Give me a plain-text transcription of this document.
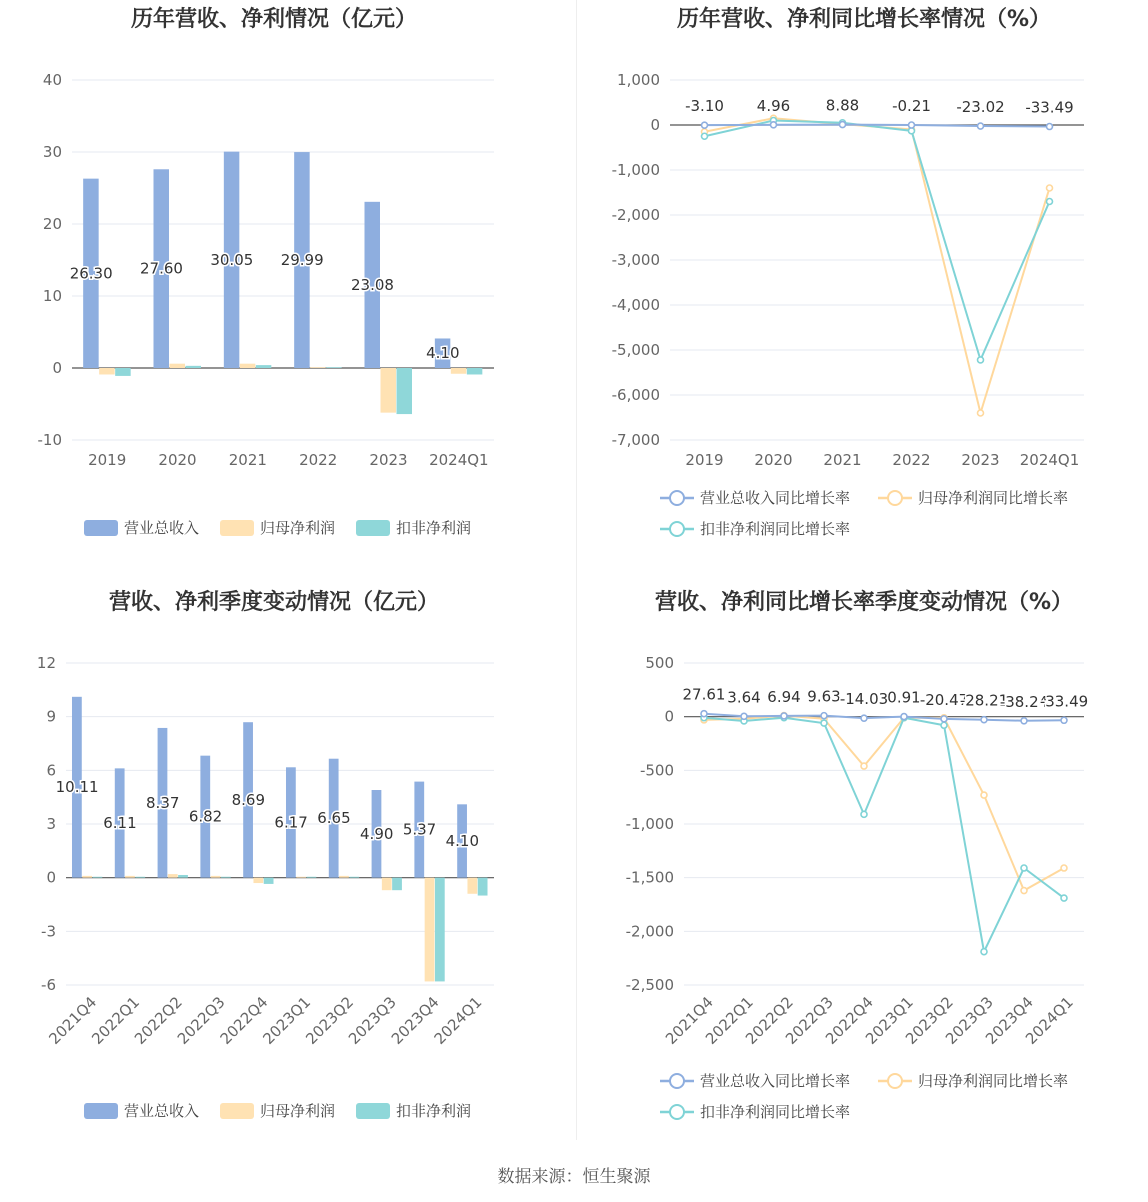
历年营收、净利情况（亿元）
40
30
20
10
0
-10
2019 2020 2021 2022 2023 2024Q1
26.30 27.60 30.05 29.99
23.08
4.10
营业总收入	归母净利润	扣非净利润
历年营收、净利同比增长率情况（%）
1,000
0
-1,000
-2,000
-3,000
-4,000
-5,000
-6,000
-7,000
2019 2020 2021 2022 2023 2024Q1
-3.10 4.96 8.88 -0.21 -23.02 -33.49
营业总收入同比增长率	归母净利润同比增长率
扣非净利润同比增长率
营收、净利季度变动情况（亿元）
12
9
6
3
0
-3
-6
2021Q4
2022Q1
2022Q2
2022Q3
2022Q4
2023Q1
2023Q2
2023Q3
2023Q4
2024Q1
10.11
6.11
8.37
6.82
8.69
6.17 6.65
4.90 5.37
4.10
营业总收入	归母净利润	扣非净利润
营收、净利同比增长率季度变动情况（%）
500
0
-500
-1,000
-1,500
-2,000
-2,500
2021Q4
2022Q1
2022Q2
2022Q3
2022Q4
2023Q1
2023Q2
2023Q3
2023Q4
2024Q1
27.61 3.64 6.94 9.63 -14.03 0.91 -20.47
-28.21
-38.24
-33.49
营业总收入同比增长率	归母净利润同比增长率
扣非净利润同比增长率
数据来源：恒生聚源
